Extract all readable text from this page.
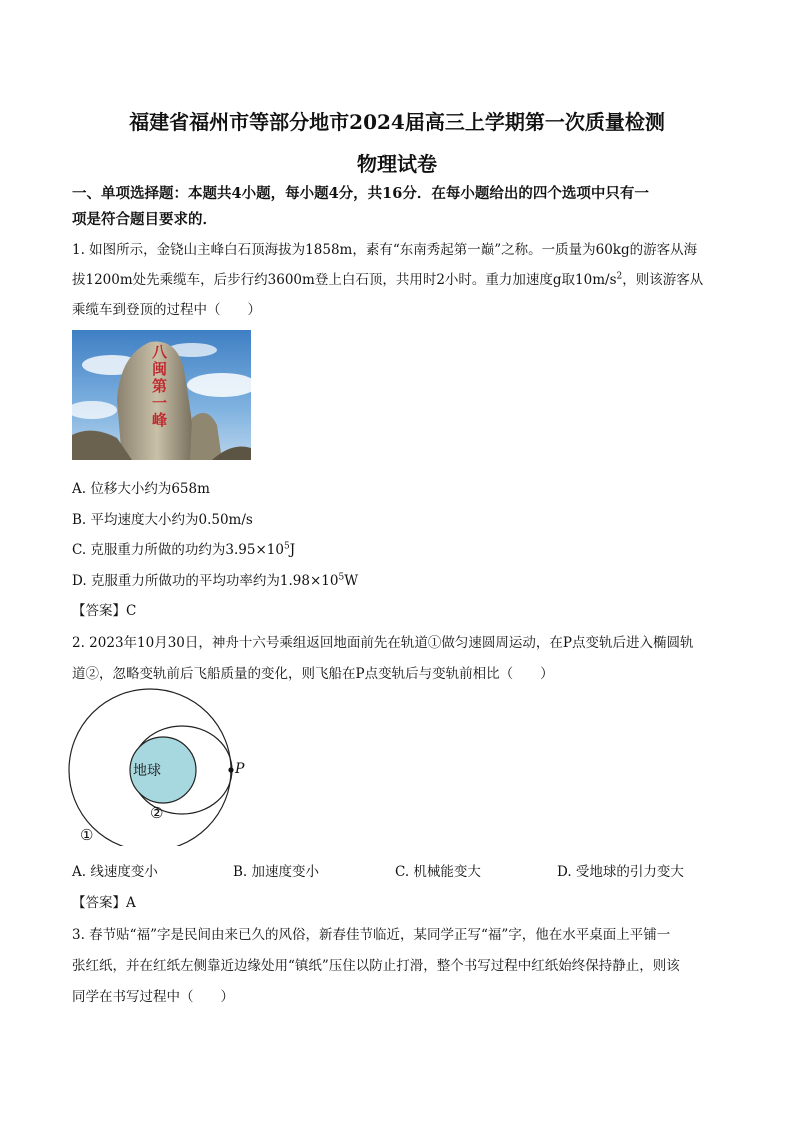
福建省福州市等部分地市2024届高三上学期第一次质量检测
物理试卷
一、单项选择题：本题共4小题，每小题4分，共16分．在每小题给出的四个选项中只有一
项是符合题目要求的．
1. 如图所示，金铙山主峰白石顶海拔为1858m，素有“东南秀起第一巅”之称。一质量为60kg的游客从海
拔1200m处先乘缆车，后步行约3600m登上白石顶，共用时2小时。重力加速度g取$10m/s^2$，则该游客从
乘缆车到登顶的过程中（　　）
八闽第一峰
A. 位移大小约为658m
B. 平均速度大小约为0.50m/s
C. 克服重力所做的功约为$3.95\times 10^5J$
D. 克服重力所做功的平均功率约为$1.98\times 10^5W$
【答案】C
2. 2023年10月30日，神舟十六号乘组返回地面前先在轨道①做匀速圆周运动，在P点变轨后进入椭圆轨
道②，忽略变轨前后飞船质量的变化，则飞船在P点变轨后与变轨前相比（　　）
地球	P
②
①
A. 线速度变小	B. 加速度变小	C. 机械能变大	D. 受地球的引力变大
【答案】A
3. 春节贴“福”字是民间由来已久的风俗，新春佳节临近，某同学正写“福”字，他在水平桌面上平铺一
张红纸，并在红纸左侧靠近边缘处用“镇纸”压住以防止打滑，整个书写过程中红纸始终保持静止，则该
同学在书写过程中（　　）
